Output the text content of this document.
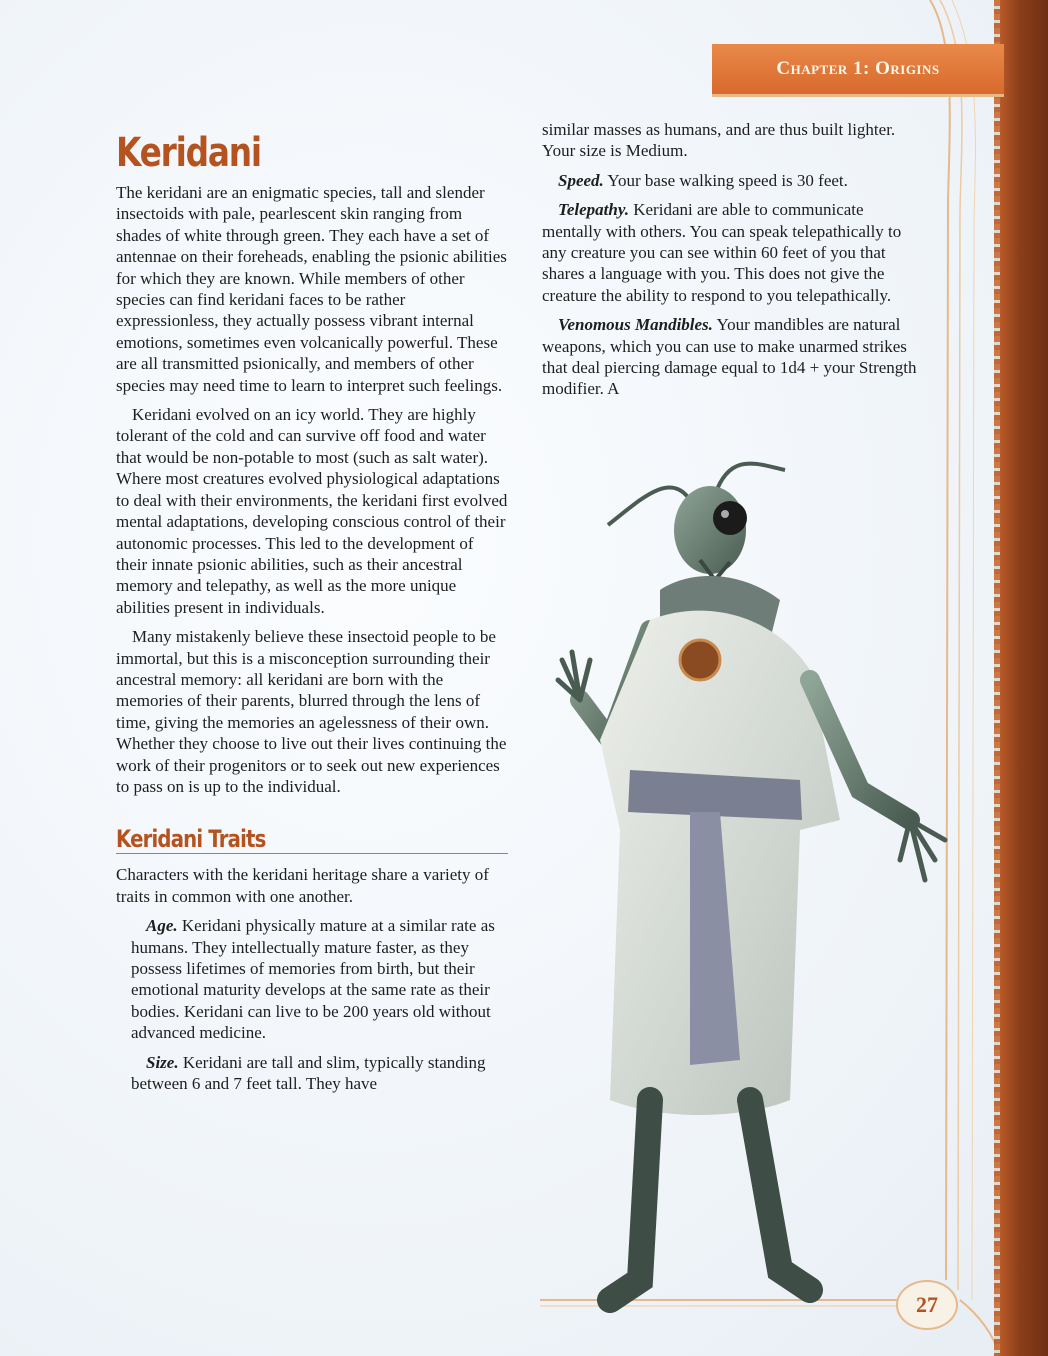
Chapter 1: Origins
Keridani

The keridani are an enigmatic species, tall and slender insectoids with pale, pearlescent skin ranging from shades of white through green. They each have a set of antennae on their foreheads, enabling the psionic abilities for which they are known. While members of other species can find keridani faces to be rather expressionless, they actually possess vibrant internal emotions, sometimes even volcanically powerful. These are all transmitted psionically, and members of other species may need time to learn to interpret such feelings.

Keridani evolved on an icy world. They are highly tolerant of the cold and can survive off food and water that would be non-potable to most (such as salt water). Where most creatures evolved physiological adaptations to deal with their environments, the keridani first evolved mental adaptations, developing conscious control of their autonomic processes. This led to the development of their innate psionic abilities, such as their ancestral memory and telepathy, as well as the more unique abilities present in individuals.

Many mistakenly believe these insectoid people to be immortal, but this is a misconception surrounding their ancestral memory: all keridani are born with the memories of their parents, blurred through the lens of time, giving the memories an agelessness of their own. Whether they choose to live out their lives continuing the work of their progenitors or to seek out new experiences to pass on is up to the individual.

Keridani Traits

Characters with the keridani heritage share a variety of traits in common with one another.

Age. Keridani physically mature at a similar rate as humans. They intellectually mature faster, as they possess lifetimes of memories from birth, but their emotional maturity develops at the same rate as their bodies. Keridani can live to be 200 years old without advanced medicine.

Size. Keridani are tall and slim, typically standing between 6 and 7 feet tall. They have

similar masses as humans, and are thus built lighter. Your size is Medium.

Speed. Your base walking speed is 30 feet.

Telepathy. Keridani are able to communicate mentally with others. You can speak telepathically to any creature you can see within 60 feet of you that shares a language with you. This does not give the creature the ability to respond to you telepathically.

Venomous Mandibles. Your mandibles are natural weapons, which you can use to make unarmed strikes that deal piercing damage equal to 1d4 + your Strength modifier. A

27
